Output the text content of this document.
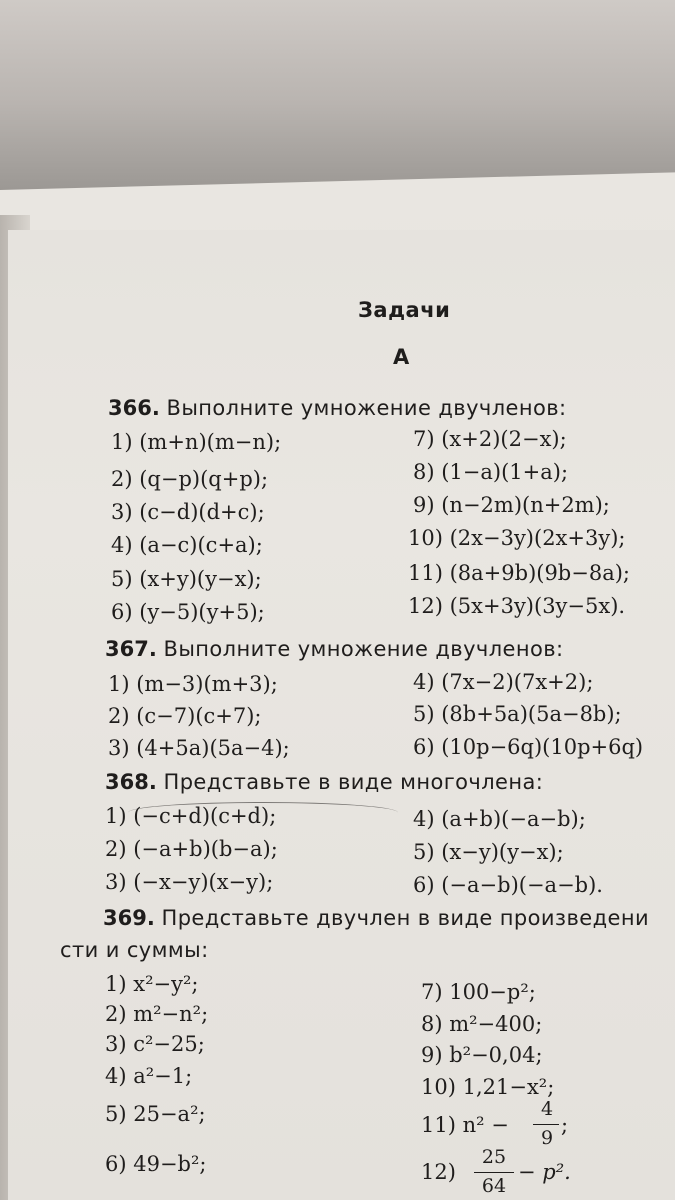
Задачи
А
366. Выполните умножение двучленов:
1) (m+n)(m−n);
2) (q−p)(q+p);
3) (c−d)(d+c);
4) (a−c)(c+a);
5) (x+y)(y−x);
6) (y−5)(y+5);
7) (x+2)(2−x);
8) (1−a)(1+a);
9) (n−2m)(n+2m);
10) (2x−3y)(2x+3y);
11) (8a+9b)(9b−8a);
12) (5x+3y)(3y−5x).
367. Выполните умножение двучленов:
1) (m−3)(m+3);
2) (c−7)(c+7);
3) (4+5a)(5a−4);
4) (7x−2)(7x+2);
5) (8b+5a)(5a−8b);
6) (10p−6q)(10p+6q)
368. Представьте в виде многочлена:
1) (−c+d)(c+d);
2) (−a+b)(b−a);
3) (−x−y)(x−y);
4) (a+b)(−a−b);
5) (x−y)(y−x);
6) (−a−b)(−a−b).
369. Представьте двучлен в виде произведени
сти и суммы:
1) x²−y²;
2) m²−n²;
3) c²−25;
4) a²−1;
5) 25−a²;
6) 49−b²;
7) 100−p²;
8) m²−400;
9) b²−0,04;
10) 1,21−x²;
11) n² −
4
9
;
12)
25
64
− p².
